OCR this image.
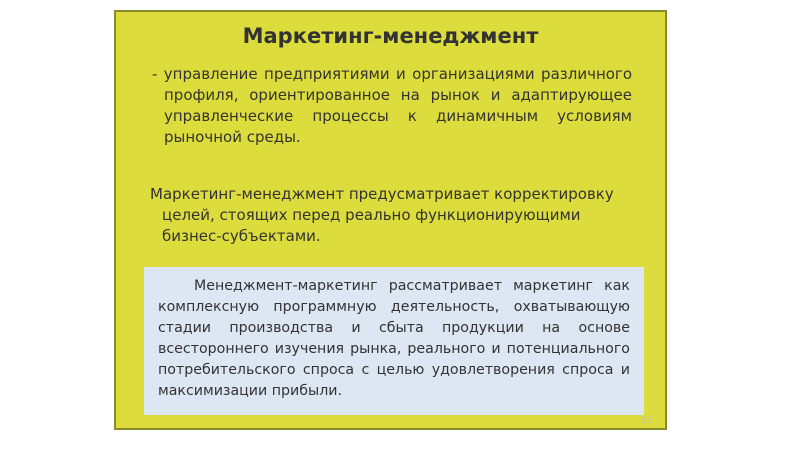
Маркетинг-менеджмент

- управление предприятиями и организациями различного
профиля, ориентированное на рынок и адаптирующее
управленческие процессы к динамичным условиям
рыночной среды.

Маркетинг-менеджмент предусматривает корректировку
целей, стоящих перед реально функционирующими
бизнес-субъектами.

Менеджмент-маркетинг рассматривает маркетинг как
комплексную программную деятельность, охватывающую
стадии производства и сбыта продукции на основе
всестороннего изучения рынка, реального и потенциального
потребительского спроса с целью удовлетворения спроса и
максимизации прибыли.

83
